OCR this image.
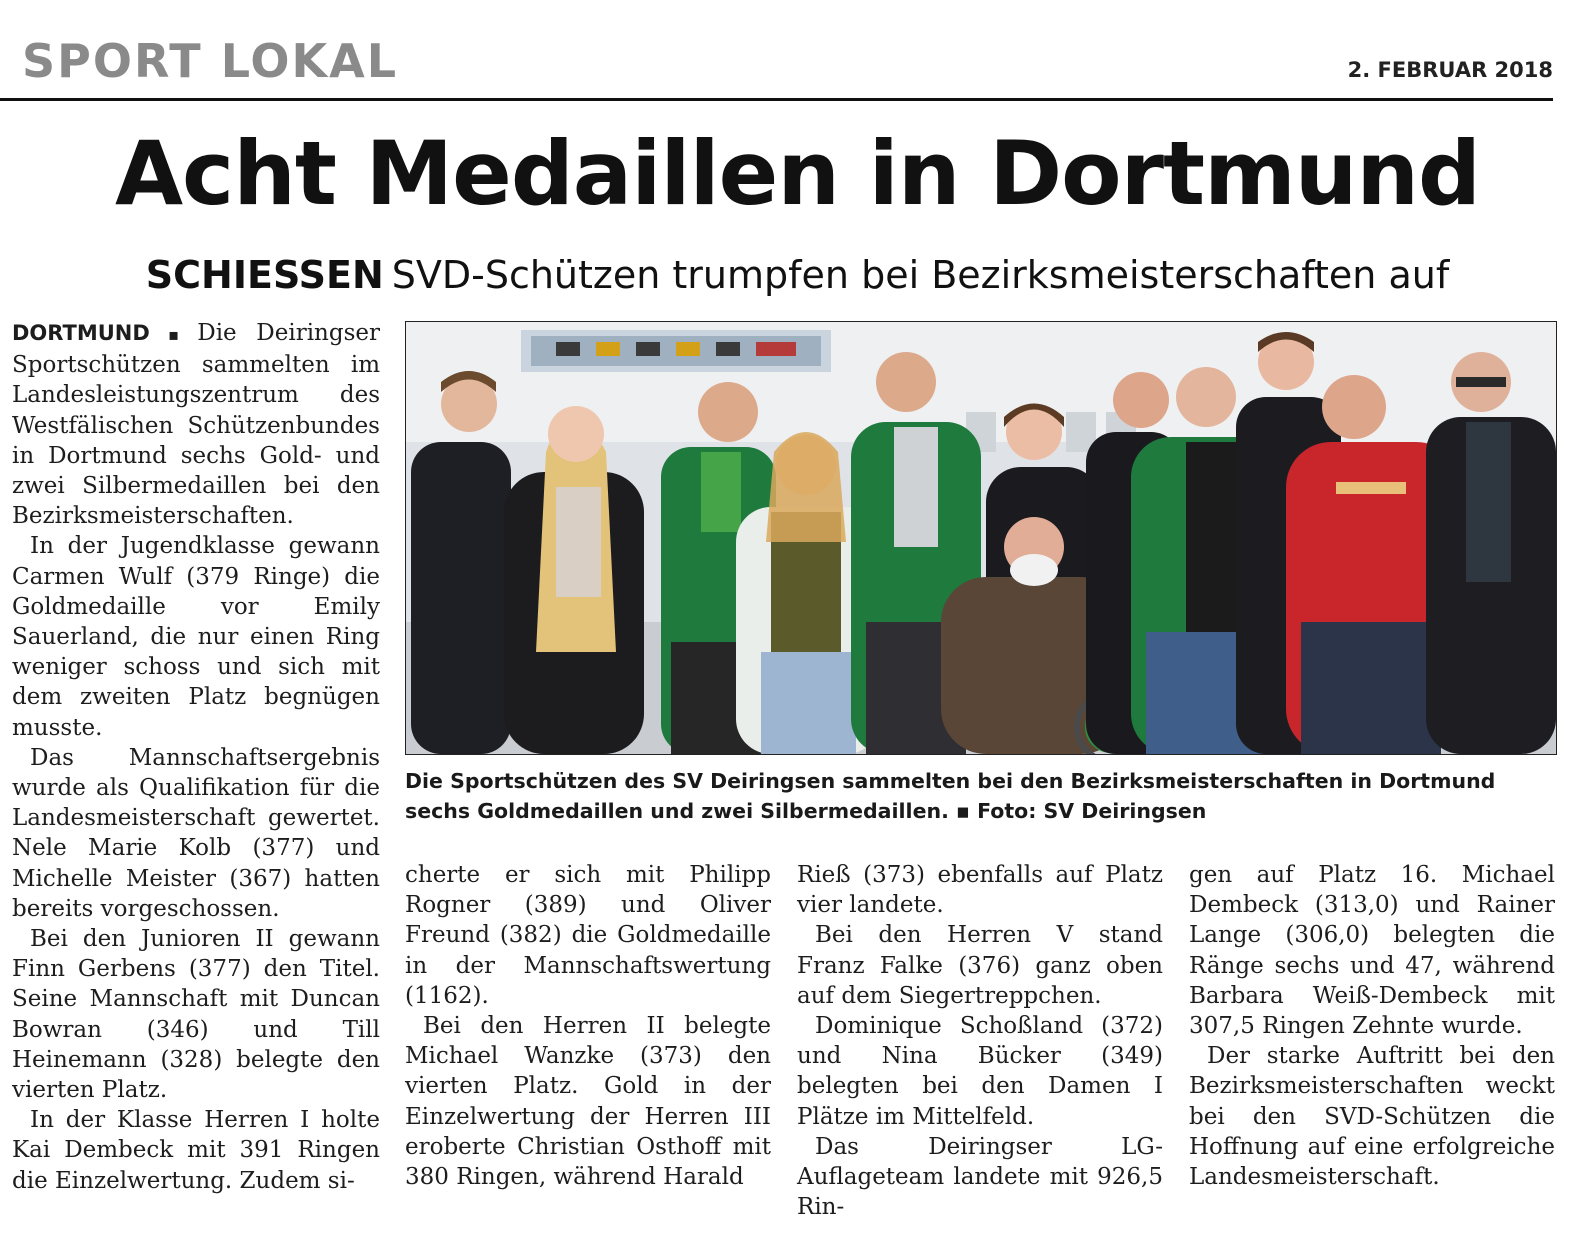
SPORT LOKAL	2. FEBRUAR 2018
Acht Medaillen in Dortmund
SCHIESSEN SVD-Schützen trumpfen bei Bezirksmeisterschaften auf

DORTMUND ▪ Die Deiringser Sportschützen sammelten im Landesleistungszentrum des Westfälischen Schützenbundes in Dortmund sechs Gold- und zwei Silbermedaillen bei den Bezirksmeisterschaften.

In der Jugendklasse gewann Carmen Wulf (379 Ringe) die Goldmedaille vor Emily Sauerland, die nur einen Ring weniger schoss und sich mit dem zweiten Platz begnügen musste.

Das Mannschaftsergebnis wurde als Qualifikation für die Landesmeisterschaft gewertet. Nele Marie Kolb (377) und Michelle Meister (367) hatten bereits vorgeschossen.

Bei den Junioren II gewann Finn Gerbens (377) den Titel. Seine Mannschaft mit Duncan Bowran (346) und Till Heinemann (328) belegte den vierten Platz.

In der Klasse Herren I holte Kai Dembeck mit 391 Ringen die Einzelwertung. Zudem si-

Die Sportschützen des SV Deiringsen sammelten bei den Bezirksmeisterschaften in Dortmund sechs Goldmedaillen und zwei Silbermedaillen. ▪ Foto: SV Deiringsen

cherte er sich mit Philipp Rogner (389) und Oliver Freund (382) die Goldmedaille in der Mannschaftswertung (1162).

Bei den Herren II belegte Michael Wanzke (373) den vierten Platz. Gold in der Einzelwertung der Herren III eroberte Christian Osthoff mit 380 Ringen, während Harald

Rieß (373) ebenfalls auf Platz vier landete.

Bei den Herren V stand Franz Falke (376) ganz oben auf dem Siegertreppchen.

Dominique Schoßland (372) und Nina Bücker (349) belegten bei den Damen I Plätze im Mittelfeld.

Das Deiringser LG-Auflageteam landete mit 926,5 Rin-

gen auf Platz 16. Michael Dembeck (313,0) und Rainer Lange (306,0) belegten die Ränge sechs und 47, während Barbara Weiß-Dembeck mit 307,5 Ringen Zehnte wurde.

Der starke Auftritt bei den Bezirksmeisterschaften weckt bei den SVD-Schützen die Hoffnung auf eine erfolgreiche Landesmeisterschaft.
